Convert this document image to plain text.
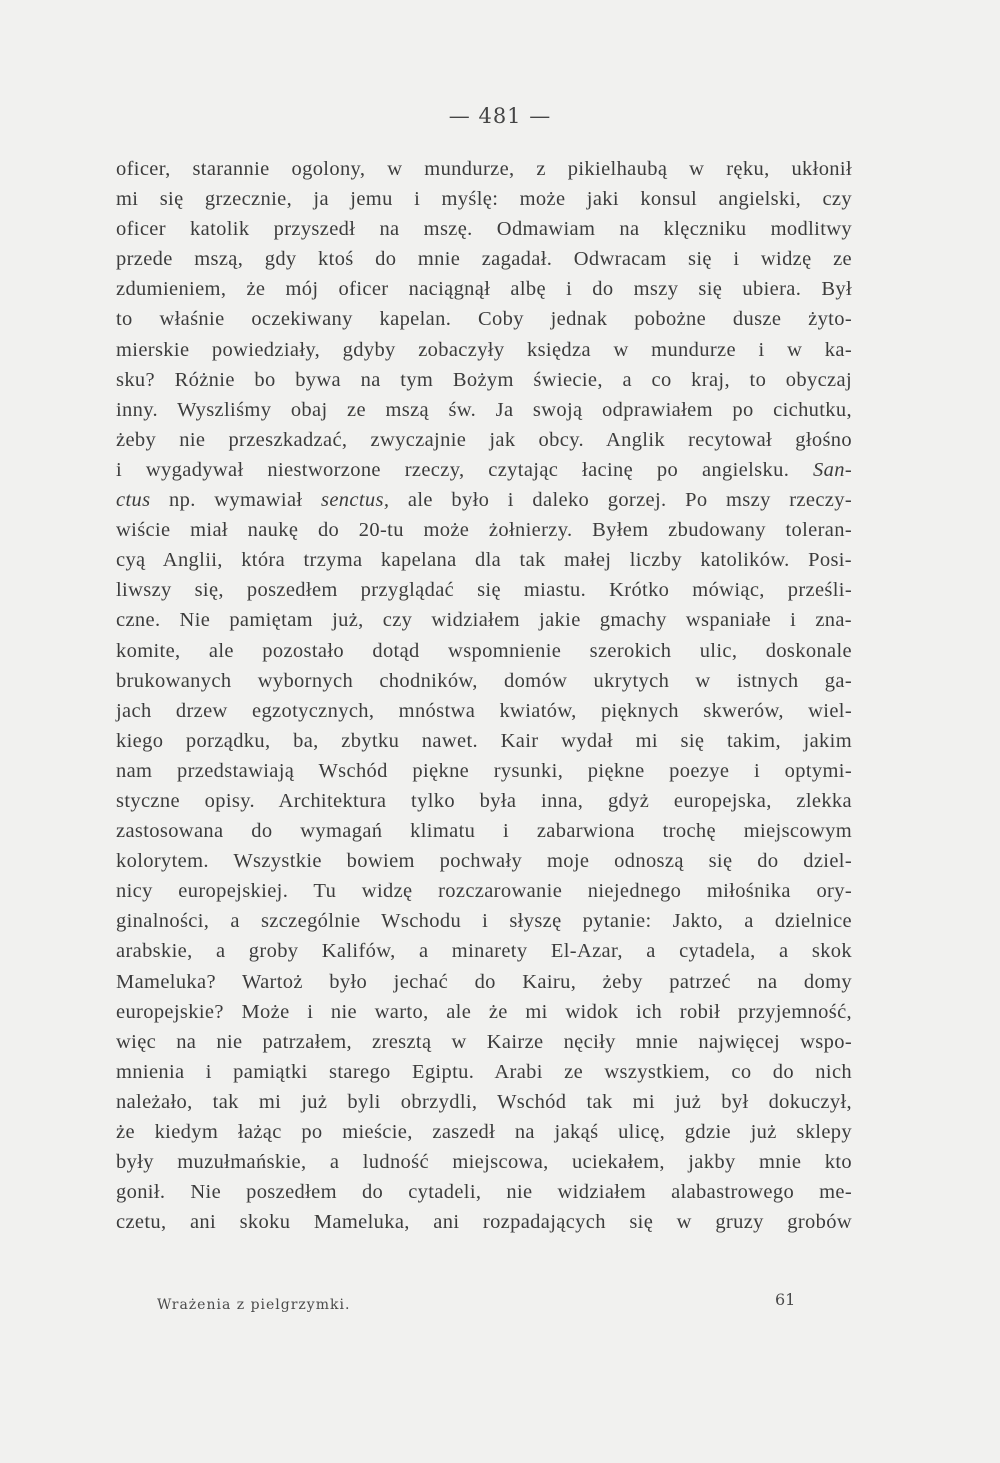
— 481 —
oficer, starannie ogolony, w mundurze, z pikielhaubą w ręku, ukłonił
mi się grzecznie, ja jemu i myślę: może jaki konsul angielski, czy
oficer katolik przyszedł na mszę. Odmawiam na klęczniku modlitwy
przede mszą, gdy ktoś do mnie zagadał. Odwracam się i widzę ze
zdumieniem, że mój oficer naciągnął albę i do mszy się ubiera. Był
to właśnie oczekiwany kapelan. Coby jednak pobożne dusze żyto-
mierskie powiedziały, gdyby zobaczyły księdza w mundurze i w ka-
sku? Różnie bo bywa na tym Bożym świecie, a co kraj, to obyczaj
inny. Wyszliśmy obaj ze mszą św. Ja swoją odprawiałem po cichutku,
żeby nie przeszkadzać, zwyczajnie jak obcy. Anglik recytował głośno
i wygadywał niestworzone rzeczy, czytając łacinę po angielsku. San-
ctus np. wymawiał senctus, ale było i daleko gorzej. Po mszy rzeczy-
wiście miał naukę do 20-tu może żołnierzy. Byłem zbudowany toleran-
cyą Anglii, która trzyma kapelana dla tak małej liczby katolików. Posi-
liwszy się, poszedłem przyglądać się miastu. Krótko mówiąc, prześli-
czne. Nie pamiętam już, czy widziałem jakie gmachy wspaniałe i zna-
komite, ale pozostało dotąd wspomnienie szerokich ulic, doskonale
brukowanych wybornych chodników, domów ukrytych w istnych ga-
jach drzew egzotycznych, mnóstwa kwiatów, pięknych skwerów, wiel-
kiego porządku, ba, zbytku nawet. Kair wydał mi się takim, jakim
nam przedstawiają Wschód piękne rysunki, piękne poezye i optymi-
styczne opisy. Architektura tylko była inna, gdyż europejska, zlekka
zastosowana do wymagań klimatu i zabarwiona trochę miejscowym
kolorytem. Wszystkie bowiem pochwały moje odnoszą się do dziel-
nicy europejskiej. Tu widzę rozczarowanie niejednego miłośnika ory-
ginalności, a szczególnie Wschodu i słyszę pytanie: Jakto, a dzielnice
arabskie, a groby Kalifów, a minarety El-Azar, a cytadela, a skok
Mameluka? Wartoż było jechać do Kairu, żeby patrzeć na domy
europejskie? Może i nie warto, ale że mi widok ich robił przyjemność,
więc na nie patrzałem, zresztą w Kairze nęciły mnie najwięcej wspo-
mnienia i pamiątki starego Egiptu. Arabi ze wszystkiem, co do nich
należało, tak mi już byli obrzydli, Wschód tak mi już był dokuczył,
że kiedym łażąc po mieście, zaszedł na jakąś ulicę, gdzie już sklepy
były muzułmańskie, a ludność miejscowa, uciekałem, jakby mnie kto
gonił. Nie poszedłem do cytadeli, nie widziałem alabastrowego me-
czetu, ani skoku Mameluka, ani rozpadających się w gruzy grobów
Wrażenia z pielgrzymki.	61
